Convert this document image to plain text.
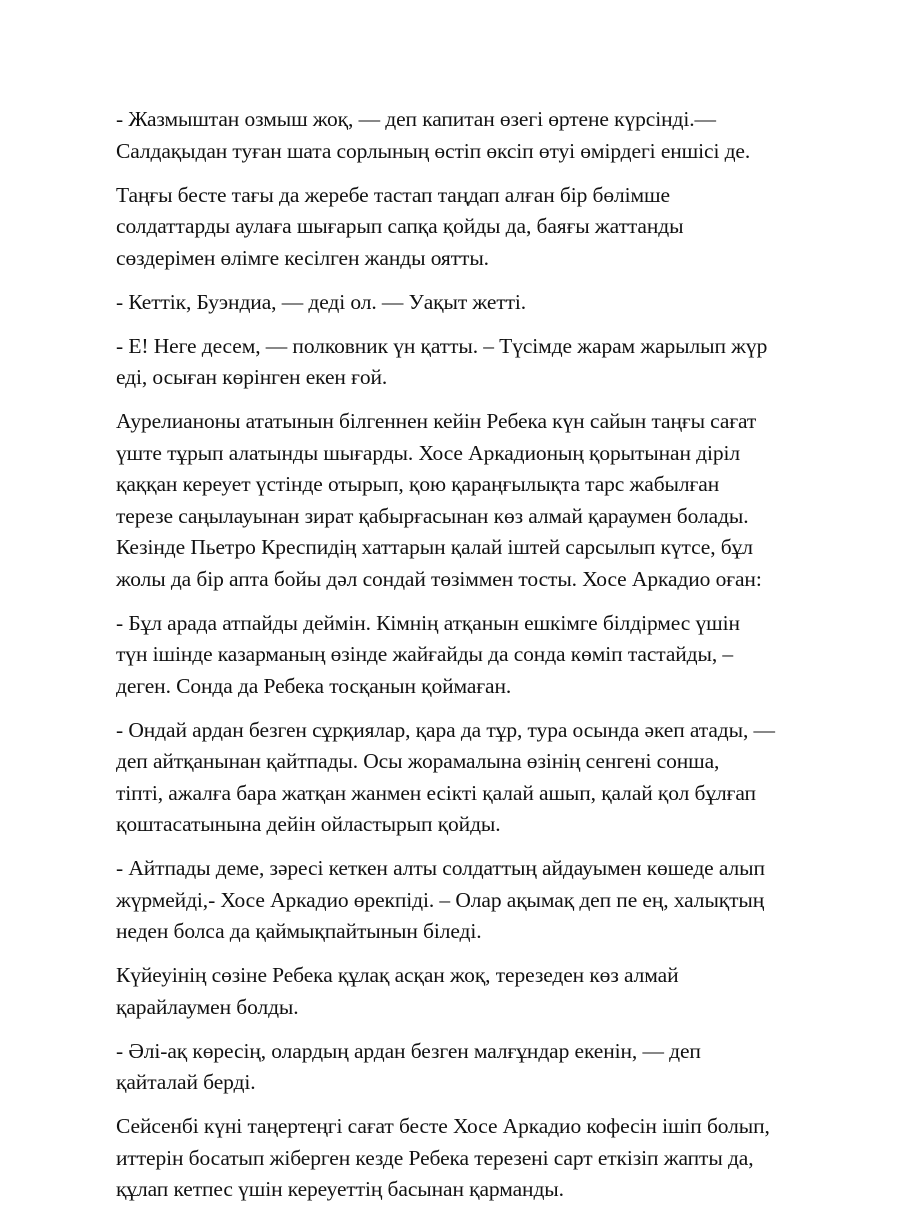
- Жазмыштан озмыш жоқ, — деп капитан өзегі өртене күрсінді.—
Салдақыдан туған шата сорлының өстіп өксіп өтуі өмірдегі еншісі де.

Таңғы бесте тағы да жеребе тастап таңдап алған бір бөлімше
солдаттарды аулаға шығарып сапқа қойды да, баяғы жаттанды
сөздерімен өлімге кесілген жанды оятты.

- Кеттік, Буэндиа, — деді ол. — Уақыт жетті.

- Е! Неге десем, — полковник үн қатты. – Түсімде жарам жарылып жүр
еді, осыған көрінген екен ғой.

Аурелианоны ататынын білгеннен кейін Ребека күн сайын таңғы сағат
үште тұрып алатынды шығарды. Хосе Аркадионың қорытынан діріл
қаққан кереует үстінде отырып, қою қараңғылықта тарс жабылған
терезе саңылауынан зират қабырғасынан көз алмай қараумен болады.
Кезінде Пьетро Креспидің хаттарын қалай іштей сарсылып күтсе, бұл
жолы да бір апта бойы дәл сондай төзіммен тосты. Хосе Аркадио оған:

- Бұл арада атпайды деймін. Кімнің атқанын ешкімге білдірмес үшін
түн ішінде казарманың өзінде жайғайды да сонда көміп тастайды, –
деген. Сонда да Ребека тосқанын қоймаған.

- Ондай ардан безген сұрқиялар, қара да тұр, тура осында әкеп атады, —
деп айтқанынан қайтпады. Осы жорамалына өзінің сенгені сонша,
тіпті, ажалға бара жатқан жанмен есікті қалай ашып, қалай қол бұлғап
қоштасатынына дейін ойластырып қойды.

- Айтпады деме, зәресі кеткен алты солдаттың айдауымен көшеде алып
жүрмейді,- Хосе Аркадио өрекпіді. – Олар ақымақ деп пе ең, халықтың
неден болса да қаймықпайтынын біледі.

Күйеуінің сөзіне Ребека құлақ асқан жоқ, терезеден көз алмай
қарайлаумен болды.

- Әлі-ақ көресің, олардың ардан безген малғұндар екенін, — деп
қайталай берді.

Сейсенбі күні таңертеңгі сағат бесте Хосе Аркадио кофесін ішіп болып,
иттерін босатып жіберген кезде Ребека терезені сарт еткізіп жапты да,
құлап кетпес үшін кереуеттің басынан қарманды.
